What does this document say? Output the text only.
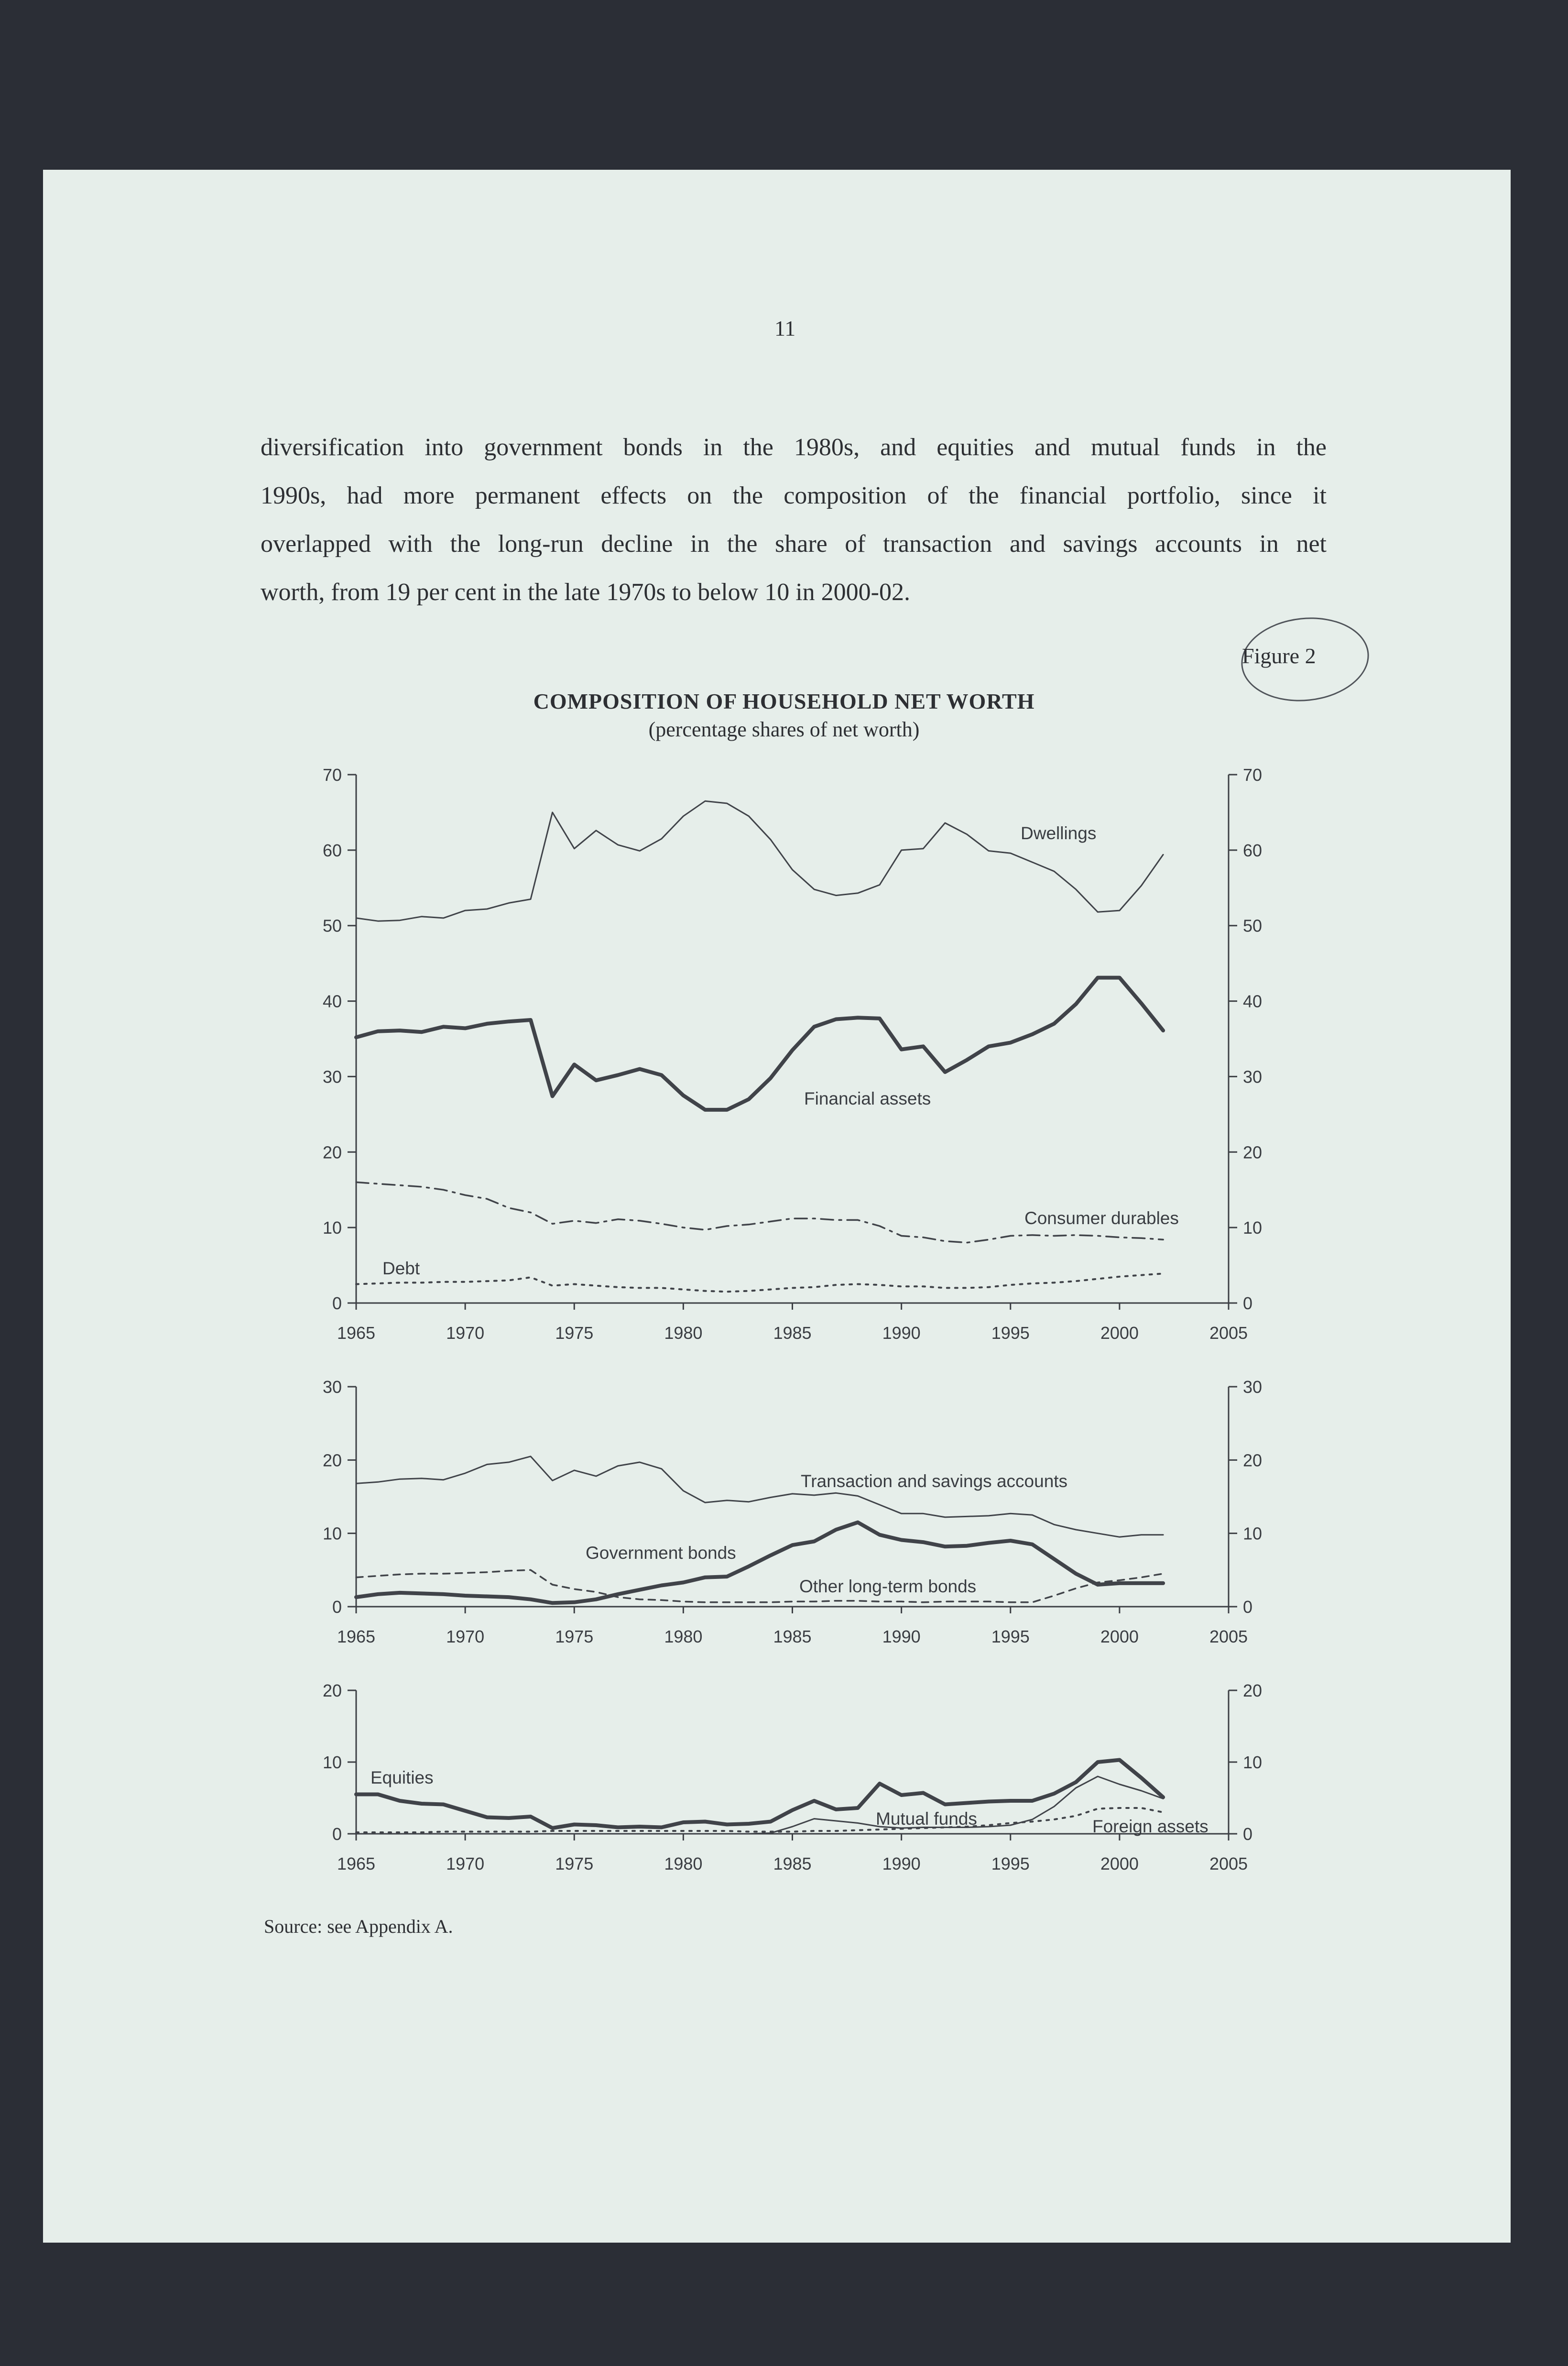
11

diversification into government bonds in the 1980s, and equities and mutual funds in the
1990s, had more permanent effects on the composition of the financial portfolio, since it
overlapped with the long-run decline in the share of transaction and savings accounts in net
worth, from 19 per cent in the late 1970s to below 10 in 2000-02.

Figure 2
COMPOSITION OF HOUSEHOLD NET WORTH
(percentage shares of net worth)
0	0
10	10
20	20
30	30
40	40
50	50
60	60
70	70
1965	1970	1975	1980	1985	1990	1995	2000	2005
Dwellings
Financial assets
Consumer durables
Debt
0	0
10	10
20	20
30	30
1965	1970	1975	1980	1985	1990	1995	2000	2005
Transaction and savings accounts
Government bonds
Other long-term bonds
0	0
10	10
20	20
1965	1970	1975	1980	1985	1990	1995	2000	2005
Equities
Mutual funds	Foreign assets
Source: see Appendix A.
